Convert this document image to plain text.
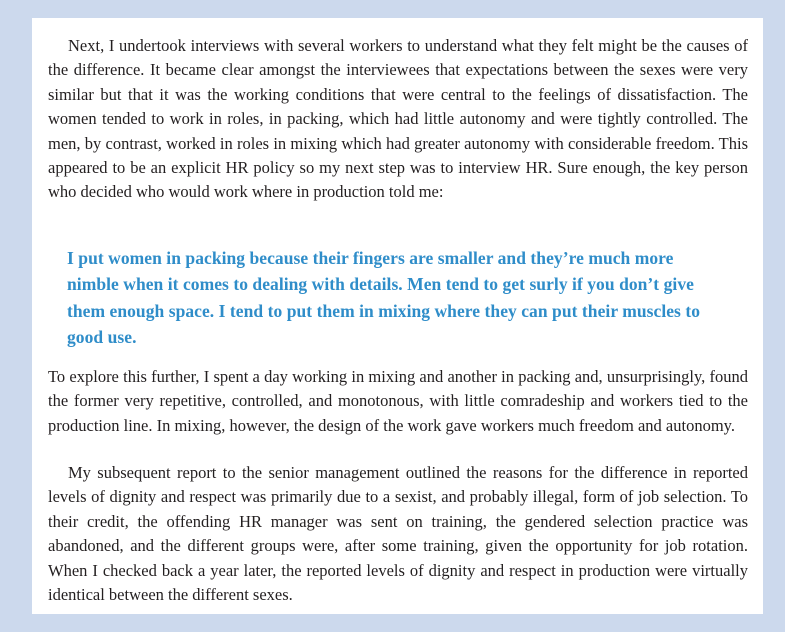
Next, I undertook interviews with several workers to understand what they felt might be the causes of the difference. It became clear amongst the interviewees that expectations between the sexes were very similar but that it was the working conditions that were central to the feelings of dissatisfaction. The women tended to work in roles, in packing, which had little autonomy and were tightly controlled. The men, by contrast, worked in roles in mixing which had greater autonomy with considerable freedom. This appeared to be an explicit HR policy so my next step was to interview HR. Sure enough, the key person who decided who would work where in production told me:

I put women in packing because their fingers are smaller and they’re much more nimble when it comes to dealing with details. Men tend to get surly if you don’t give them enough space. I tend to put them in mixing where they can put their muscles to good use.

To explore this further, I spent a day working in mixing and another in packing and, unsurprisingly, found the former very repetitive, controlled, and monotonous, with little comradeship and workers tied to the production line. In mixing, however, the design of the work gave workers much freedom and autonomy.

My subsequent report to the senior management outlined the reasons for the difference in reported levels of dignity and respect was primarily due to a sexist, and probably illegal, form of job selection. To their credit, the offending HR manager was sent on training, the gendered selection practice was abandoned, and the different groups were, after some training, given the opportunity for job rotation. When I checked back a year later, the reported levels of dignity and respect in production were virtually identical between the different sexes.
